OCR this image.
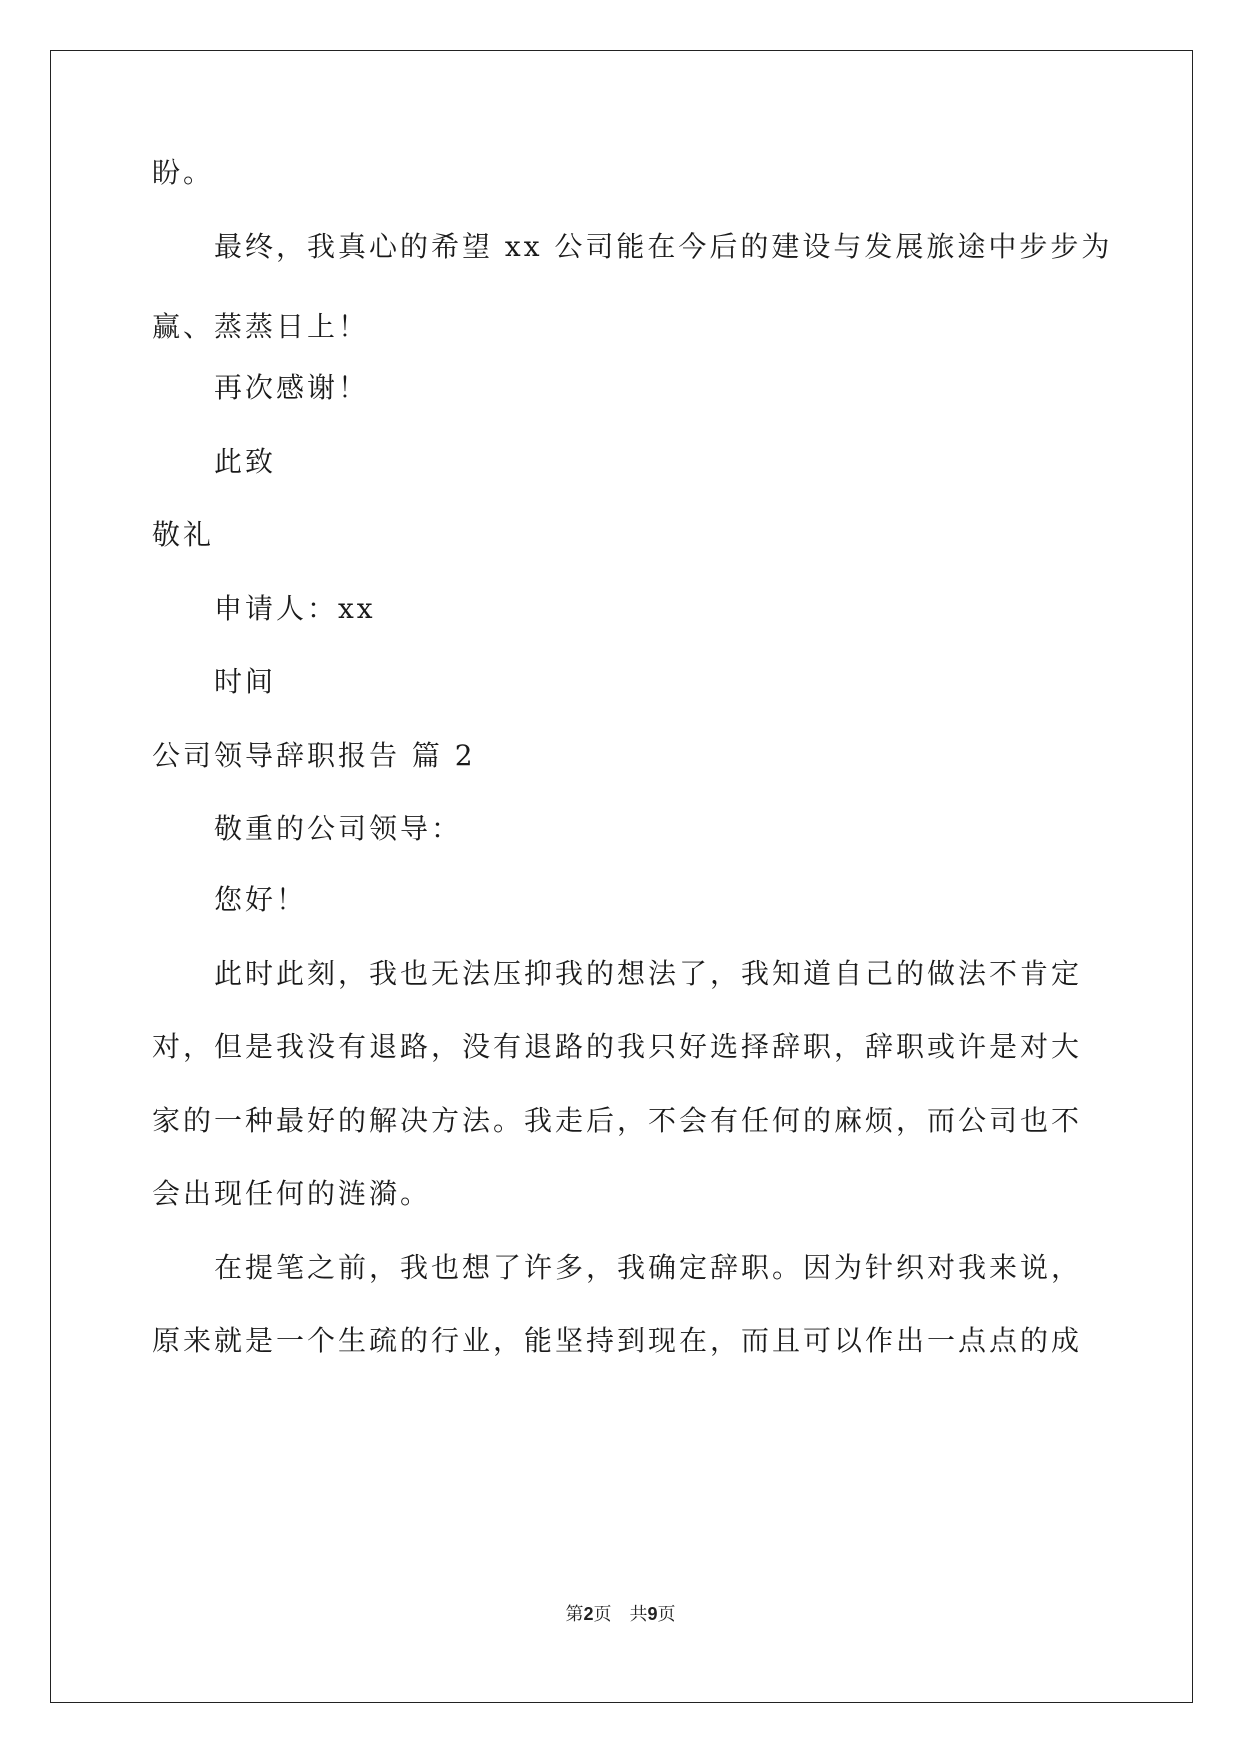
盼。
最终，我真心的希望 xx 公司能在今后的建设与发展旅途中步步为
赢、蒸蒸日上！
再次感谢！
此致
敬礼
申请人：xx
时间
公司领导辞职报告 篇 2
敬重的公司领导：
您好！
此时此刻，我也无法压抑我的想法了，我知道自己的做法不肯定
对，但是我没有退路，没有退路的我只好选择辞职，辞职或许是对大
家的一种最好的解决方法。我走后，不会有任何的麻烦，而公司也不
会出现任何的涟漪。
在提笔之前，我也想了许多，我确定辞职。因为针织对我来说，
原来就是一个生疏的行业，能坚持到现在，而且可以作出一点点的成
第2页　共9页
